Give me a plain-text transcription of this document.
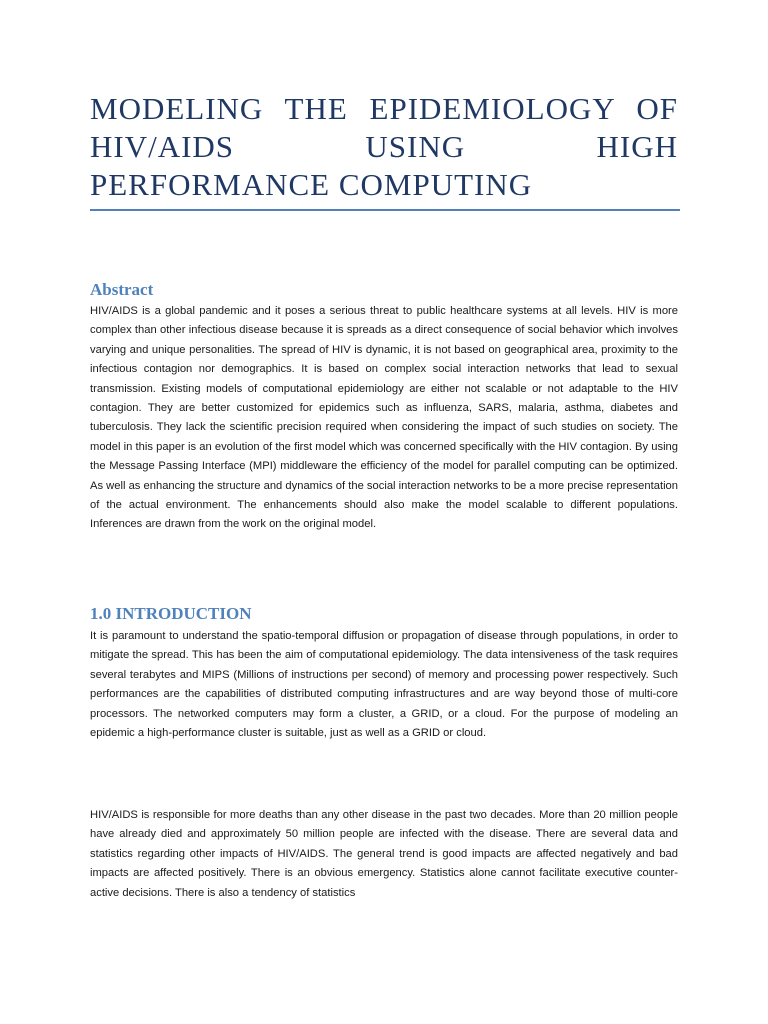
MODELING THE EPIDEMIOLOGY OF HIV/AIDS USING HIGH PERFORMANCE COMPUTING
Abstract

HIV/AIDS is a global pandemic and it poses a serious threat to public healthcare systems at all levels. HIV is more complex than other infectious disease because it is spreads as a direct consequence of social behavior which involves varying and unique personalities. The spread of HIV is dynamic, it is not based on geographical area, proximity to the infectious contagion nor demographics. It is based on complex social interaction networks that lead to sexual transmission. Existing models of computational epidemiology are either not scalable or not adaptable to the HIV contagion. They are better customized for epidemics such as influenza, SARS, malaria, asthma, diabetes and tuberculosis. They lack the scientific precision required when considering the impact of such studies on society. The model in this paper is an evolution of the first model which was concerned specifically with the HIV contagion. By using the Message Passing Interface (MPI) middleware the efficiency of the model for parallel computing can be optimized. As well as enhancing the structure and dynamics of the social interaction networks to be a more precise representation of the actual environment. The enhancements should also make the model scalable to different populations. Inferences are drawn from the work on the original model.

1.0 INTRODUCTION

It is paramount to understand the spatio-temporal diffusion or propagation of disease through populations, in order to mitigate the spread. This has been the aim of computational epidemiology. The data intensiveness of the task requires several terabytes and MIPS (Millions of instructions per second) of memory and processing power respectively. Such performances are the capabilities of distributed computing infrastructures and are way beyond those of multi-core processors. The networked computers may form a cluster, a GRID, or a cloud. For the purpose of modeling an epidemic a high-performance cluster is suitable, just as well as a GRID or cloud.

HIV/AIDS is responsible for more deaths than any other disease in the past two decades. More than 20 million people have already died and approximately 50 million people are infected with the disease. There are several data and statistics regarding other impacts of HIV/AIDS. The general trend is good impacts are affected negatively and bad impacts are affected positively. There is an obvious emergency. Statistics alone cannot facilitate executive counter-active decisions. There is also a tendency of statistics
